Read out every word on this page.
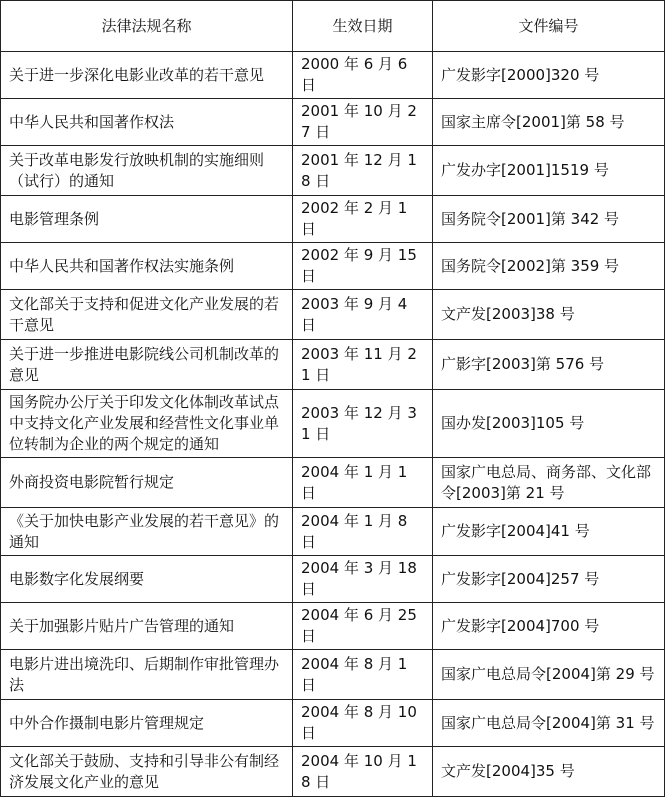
法律法规名称	生效日期	文件编号
关于进一步深化电影业改革的若干意见	2000 年 6 月 6 日	广发影字[2000]320 号
中华人民共和国著作权法	2001 年 10 月 27 日	国家主席令[2001]第 58 号
关于改革电影发行放映机制的实施细则（试行）的通知	2001 年 12 月 18 日	广发办字[2001]1519 号
电影管理条例	2002 年 2 月 1 日	国务院令[2001]第 342 号
中华人民共和国著作权法实施条例	2002 年 9 月 15 日	国务院令[2002]第 359 号
文化部关于支持和促进文化产业发展的若干意见	2003 年 9 月 4 日	文产发[2003]38 号
关于进一步推进电影院线公司机制改革的意见	2003 年 11 月 21 日	广影字[2003]第 576 号
国务院办公厅关于印发文化体制改革试点中支持文化产业发展和经营性文化事业单位转制为企业的两个规定的通知	2003 年 12 月 31 日	国办发[2003]105 号
外商投资电影院暂行规定	2004 年 1 月 1 日	国家广电总局、商务部、文化部令[2003]第 21 号
《关于加快电影产业发展的若干意见》的通知	2004 年 1 月 8 日	广发影字[2004]41 号
电影数字化发展纲要	2004 年 3 月 18 日	广发影字[2004]257 号
关于加强影片贴片广告管理的通知	2004 年 6 月 25 日	广发影字[2004]700 号
电影片进出境洗印、后期制作审批管理办法	2004 年 8 月 1 日	国家广电总局令[2004]第 29 号
中外合作摄制电影片管理规定	2004 年 8 月 10 日	国家广电总局令[2004]第 31 号
文化部关于鼓励、支持和引导非公有制经济发展文化产业的意见	2004 年 10 月 18 日	文产发[2004]35 号
